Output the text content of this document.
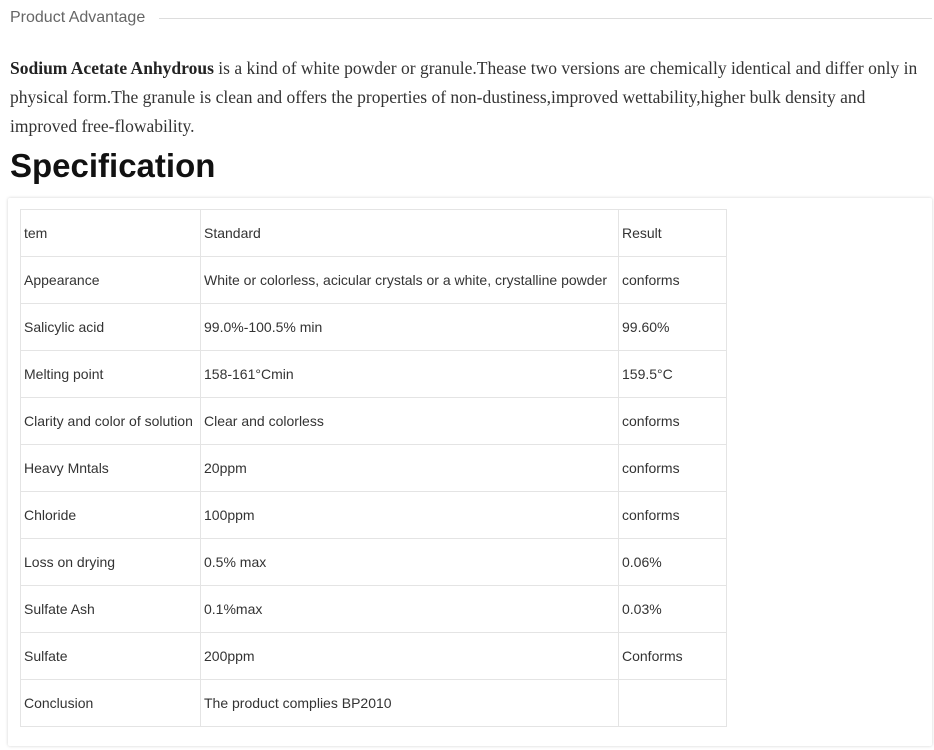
Product Advantage

Sodium Acetate Anhydrous is a kind of white powder or granule.Thease two versions are chemically identical and differ only in physical form.The granule is clean and offers the properties of non-dustiness,improved wettability,higher bulk density and improved free-flowability.

Specification
tem	Standard	Result
Appearance	White or colorless, acicular crystals or a white, crystalline powder	conforms
Salicylic acid	99.0%-100.5% min	99.60%
Melting point	158-161°Cmin	159.5°C
Clarity and color of solution	Clear and colorless	conforms
Heavy Mntals	20ppm	conforms
Chloride	100ppm	conforms
Loss on drying	0.5% max	0.06%
Sulfate Ash	0.1%max	0.03%
Sulfate	200ppm	Conforms
Conclusion	The product complies BP2010	
